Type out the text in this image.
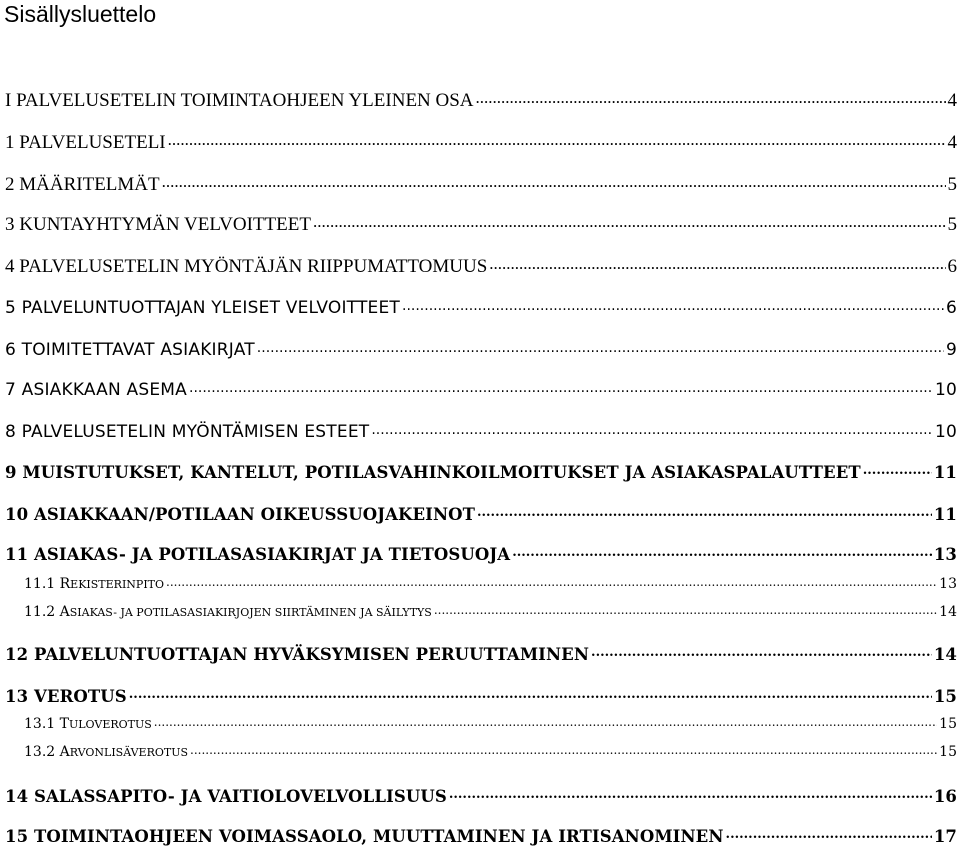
Sisällysluettelo
I PALVELUSETELIN TOIMINTAOHJEEN YLEINEN OSA .....	4
1 PALVELUSETELI .....	4
2 MÄÄRITELMÄT .....	5
3 KUNTAYHTYMÄN VELVOITTEET .....	5
4 PALVELUSETELIN MYÖNTÄJÄN RIIPPUMATTOMUUS .....	6
5 PALVELUNTUOTTAJAN YLEISET VELVOITTEET .....	6
6 TOIMITETTAVAT ASIAKIRJAT .....	9
7 ASIAKKAAN ASEMA .....	10
8 PALVELUSETELIN MYÖNTÄMISEN ESTEET .....	10
9 MUISTUTUKSET, KANTELUT, POTILASVAHINKOILMOITUKSET JA ASIAKASPALAUTTEET .....	11
10 ASIAKKAAN/POTILAAN OIKEUSSUOJAKEINOT .....	11
11 ASIAKAS- JA POTILASASIAKIRJAT JA TIETOSUOJA .....	13
11.1 REKISTERINPITO .....	13
11.2 ASIAKAS- JA POTILASASIAKIRJOJEN SIIRTÄMINEN JA SÄILYTYS .....	14
12 PALVELUNTUOTTAJAN HYVÄKSYMISEN PERUUTTAMINEN .....	14
13 VEROTUS .....	15
13.1 TULOVEROTUS .....	15
13.2 ARVONLISÄVEROTUS .....	15
14 SALASSAPITO- JA VAITIOLOVELVOLLISUUS .....	16
15 TOIMINTAOHJEEN VOIMASSAOLO, MUUTTAMINEN JA IRTISANOMINEN .....	17
